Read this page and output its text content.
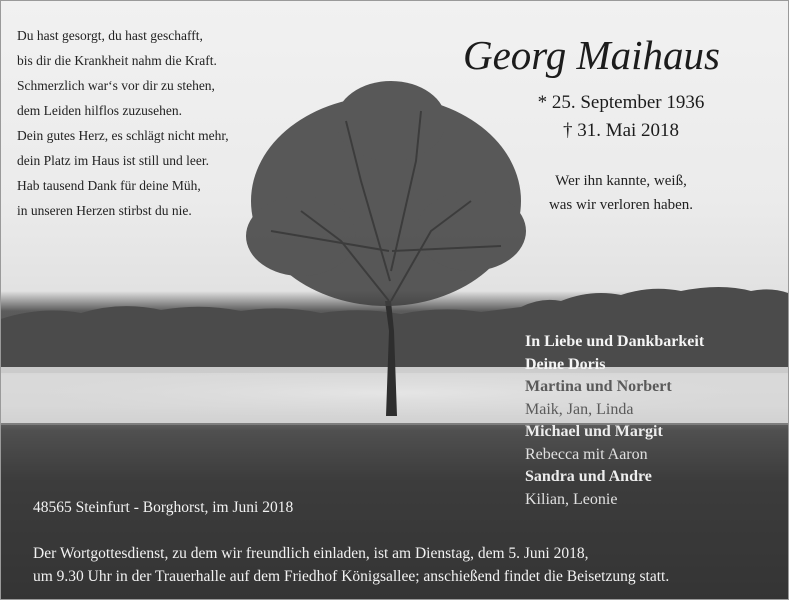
Du hast gesorgt, du hast geschafft,
bis dir die Krankheit nahm die Kraft.
Schmerzlich war‘s vor dir zu stehen,
dem Leiden hilflos zuzusehen.
Dein gutes Herz, es schlägt nicht mehr,
dein Platz im Haus ist still und leer.
Hab tausend Dank für deine Müh,
in unseren Herzen stirbst du nie.
Georg Maihaus
* 25. September 1936
† 31. Mai 2018
Wer ihn kannte, weiß,
was wir verloren haben.
In Liebe und Dankbarkeit
Deine Doris
Martina und Norbert
Maik, Jan, Linda
Michael und Margit
Rebecca mit Aaron
Sandra und Andre
Kilian, Leonie
48565 Steinfurt - Borghorst, im Juni 2018
Der Wortgottesdienst, zu dem wir freundlich einladen, ist am Dienstag, dem 5. Juni 2018,
um 9.30 Uhr in der Trauerhalle auf dem Friedhof Königsallee; anschießend findet die Beisetzung statt.
